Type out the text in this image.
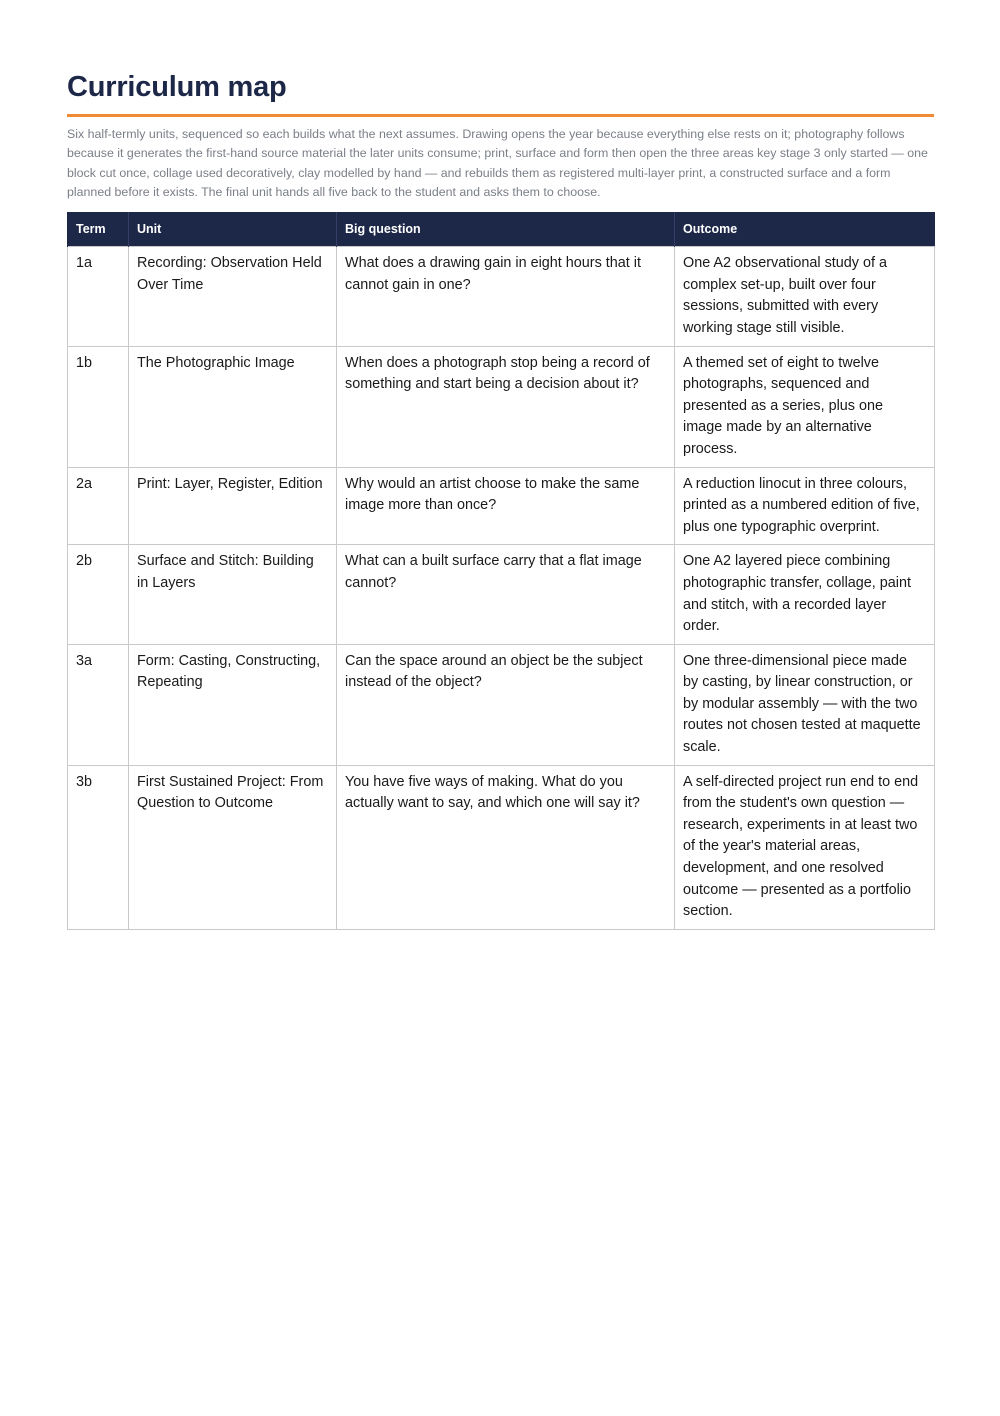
Curriculum map

Six half-termly units, sequenced so each builds what the next assumes. Drawing opens the year because everything else rests on it; photography follows because it generates the first-hand source material the later units consume; print, surface and form then open the three areas key stage 3 only started — one block cut once, collage used decoratively, clay modelled by hand — and rebuilds them as registered multi-layer print, a constructed surface and a form planned before it exists. The final unit hands all five back to the student and asks them to choose.

Term	Unit	Big question	Outcome
1a	Recording: Observation Held Over Time	What does a drawing gain in eight hours that it cannot gain in one?	One A2 observational study of a complex set-up, built over four sessions, submitted with every working stage still visible.
1b	The Photographic Image	When does a photograph stop being a record of something and start being a decision about it?	A themed set of eight to twelve photographs, sequenced and presented as a series, plus one image made by an alternative process.
2a	Print: Layer, Register, Edition	Why would an artist choose to make the same image more than once?	A reduction linocut in three colours, printed as a numbered edition of five, plus one typographic overprint.
2b	Surface and Stitch: Building in Layers	What can a built surface carry that a flat image cannot?	One A2 layered piece combining photographic transfer, collage, paint and stitch, with a recorded layer order.
3a	Form: Casting, Constructing, Repeating	Can the space around an object be the subject instead of the object?	One three-dimensional piece made by casting, by linear construction, or by modular assembly — with the two routes not chosen tested at maquette scale.
3b	First Sustained Project: From Question to Outcome	You have five ways of making. What do you actually want to say, and which one will say it?	A self-directed project run end to end from the student's own question — research, experiments in at least two of the year's material areas, development, and one resolved outcome — presented as a portfolio section.
